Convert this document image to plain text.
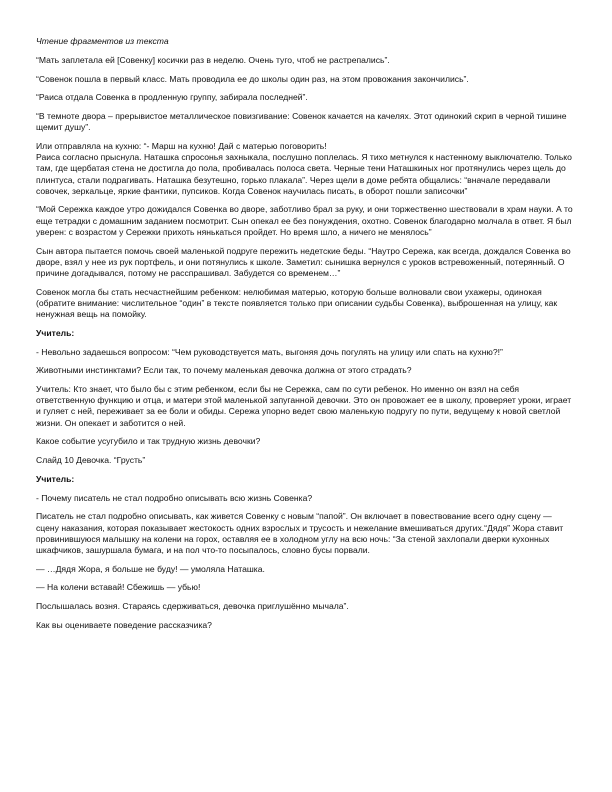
Чтение фрагментов из текста

“Мать заплетала ей [Совенку] косички раз в неделю. Очень туго, чтоб не растрепались”.

“Совенок пошла в первый класс. Мать проводила ее до школы один раз, на этом провожания закончились”.

“Раиса отдала Совенка в продленную группу, забирала последней”.

“В темноте двора – прерывистое металлическое повизгивание: Совенок качается на качелях. Этот одинокий скрип в черной тишине щемит душу”.

Или отправляла на кухню: “- Марш на кухню! Дай с матерью поговорить!

Раиса согласно прыснула. Наташка спросонья захныкала, послушно поплелась. Я тихо метнулся к настенному выключателю. Только там, где щербатая стена не достигла до пола, пробивалась полоса света. Черные тени Наташкиных ног протянулись через щель до плинтуса, стали подрагивать. Наташка безутешно, горько плакала”. Через щели в доме ребята общались: “вначале передавали совочек, зеркальце, яркие фантики, пупсиков. Когда Совенок научилась писать, в оборот пошли записочки”

“Мой Сережка каждое утро дожидался Совенка во дворе, заботливо брал за руку, и они торжественно шествовали в храм науки. А то еще тетрадки с домашним заданием посмотрит. Сын опекал ее без понуждения, охотно. Совенок благодарно молчала в ответ. Я был уверен: с возрастом у Сережки прихоть нянькаться пройдет. Но время шло, а ничего не менялось”

Сын автора пытается помочь своей маленькой подруге пережить недетские беды. “Наутро Сережа, как всегда, дождался Совенка во дворе, взял у нее из рук портфель, и они потянулись к школе. Заметил: сынишка вернулся с уроков встревоженный, потерянный. О причине догадывался, потому не расспрашивал. Забудется со временем…”

Совенок могла бы стать несчастнейшим ребенком: нелюбимая матерью, которую больше волновали свои ухажеры, одинокая (обратите внимание: числительное “один” в тексте появляется только при описании судьбы Совенка), выброшенная на улицу, как ненужная вещь на помойку.

Учитель:

- Невольно задаешься вопросом: “Чем руководствуется мать, выгоняя дочь погулять на улицу или спать на кухню?!”

Животными инстинктами? Если так, то почему маленькая девочка должна от этого страдать?

Учитель: Кто знает, что было бы с этим ребенком, если бы не Сережка, сам по сути ребенок. Но именно он взял на себя ответственную функцию и отца, и матери этой маленькой запуганной девочки. Это он провожает ее в школу, проверяет уроки, играет и гуляет с ней, переживает за ее боли и обиды. Сережа упорно ведет свою маленькую подругу по пути, ведущему к новой светлой жизни. Он опекает и заботится о ней.

Какое событие усугубило и так трудную жизнь девочки?

Слайд 10 Девочка. “Грусть”

Учитель:

- Почему писатель не стал подробно описывать всю жизнь Совенка?

Писатель не стал подробно описывать, как живется Совенку с новым “папой”. Он включает в повествование всего одну сцену — сцену наказания, которая показывает жестокость одних взрослых и трусость и нежелание вмешиваться других.“Дядя” Жора ставит провинившуюся малышку на колени на горох, оставляя ее в холодном углу на всю ночь: “За стеной захлопали дверки кухонных шкафчиков, зашуршала бумага, и на пол что-то посыпалось, словно бусы порвали.

— …Дядя Жора, я больше не буду! — умоляла Наташка.

— На колени вставай! Сбежишь — убью!

Послышалась возня. Стараясь сдерживаться, девочка приглушённо мычала”.

Как вы оцениваете поведение рассказчика?
